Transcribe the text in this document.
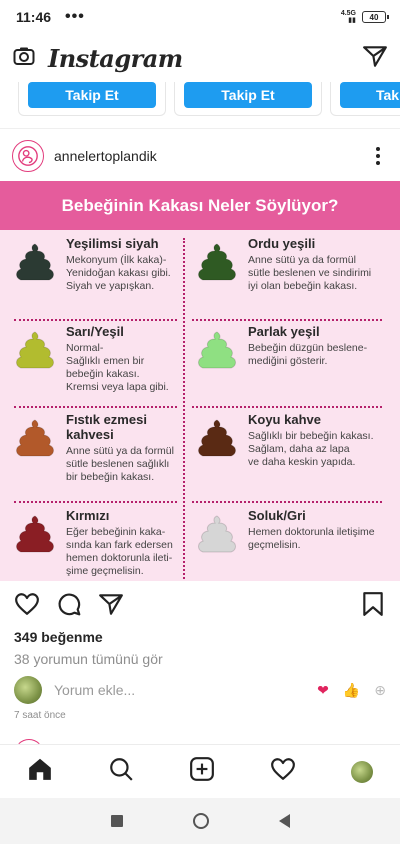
11:46 •••	4.5G
▮▮	40
Instagram
Takip Et	Takip Et	Tak
annelertoplandik
Bebeğinin Kakası Neler Söylüyor?
Yeşilimsi siyah
Mekonyum (İlk kaka)-
Yenidoğan kakası gibi.
Siyah ve yapışkan.
Ordu yeşili
Anne sütü ya da formül
sütle beslenen ve sindirimi
iyi olan bebeğin kakası.
Sarı/Yeşil
Normal-
Sağlıklı emen bir
bebeğin kakası.
Kremsi veya lapa gibi.
Parlak yeşil
Bebeğin düzgün beslene-
mediğini gösterir.
Fıstık ezmesi
kahvesi
Anne sütü ya da formül
sütle beslenen sağlıklı
bir bebeğin kakası.
Koyu kahve
Sağlıklı bir bebeğin kakası.
Sağlam, daha az lapa
ve daha keskin yapıda.
Kırmızı
Eğer bebeğinin kaka-
sında kan fark edersen
hemen doktorunla ileti-
şime geçmelisin.
Soluk/Gri
Hemen doktorunla iletişime
geçmelisin.
349 beğenme
38 yorumun tümünü gör
Yorum ekle...	❤ 👍 ⊕
7 saat önce
